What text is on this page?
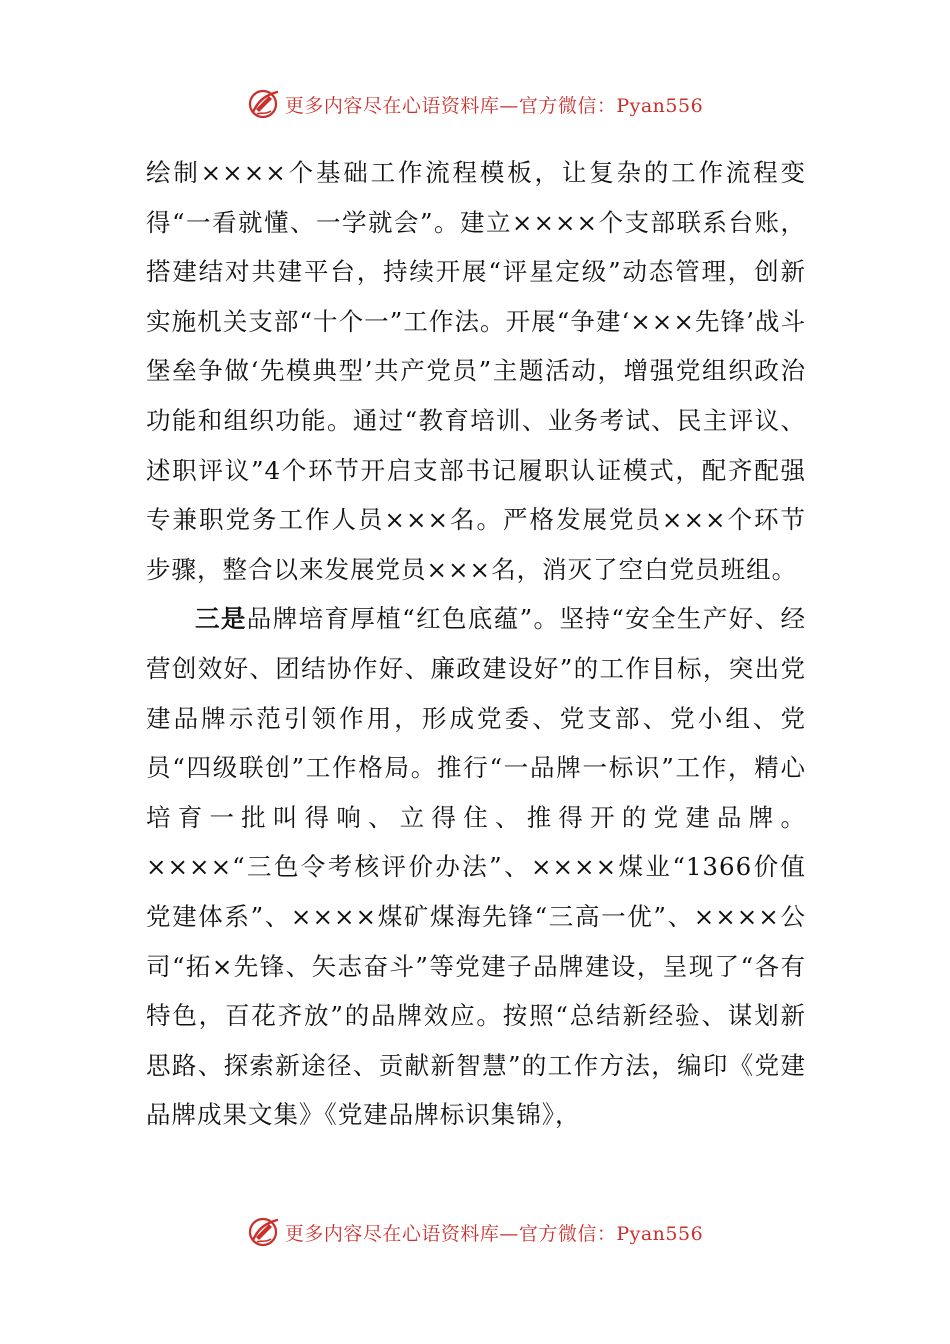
更多内容尽在心语资料库—官方微信：Pyan556

绘制××××个基础工作流程模板，让复杂的工作流程变得“一看就懂、一学就会”。建立××××个支部联系台账，搭建结对共建平台，持续开展“评星定级”动态管理，创新实施机关支部“十个一”工作法。开展“争建‘×××先锋’战斗堡垒争做‘先模典型’共产党员”主题活动，增强党组织政治功能和组织功能。通过“教育培训、业务考试、民主评议、述职评议”4个环节开启支部书记履职认证模式，配齐配强专兼职党务工作人员×××名。严格发展党员×××个环节步骤，整合以来发展党员×××名，消灭了空白党员班组。

三是品牌培育厚植“红色底蕴”。坚持“安全生产好、经营创效好、团结协作好、廉政建设好”的工作目标，突出党建品牌示范引领作用，形成党委、党支部、党小组、党员“四级联创”工作格局。推行“一品牌一标识”工作，精心培育一批叫得响、立得住、推得开的党建品牌。××××“三色令考核评价办法”、××××煤业“1366价值党建体系”、××××煤矿煤海先锋“三高一优”、××××公司“拓×先锋、矢志奋斗”等党建子品牌建设，呈现了“各有特色，百花齐放”的品牌效应。按照“总结新经验、谋划新思路、探索新途径、贡献新智慧”的工作方法，编印《党建品牌成果文集》《党建品牌标识集锦》，

更多内容尽在心语资料库—官方微信：Pyan556
